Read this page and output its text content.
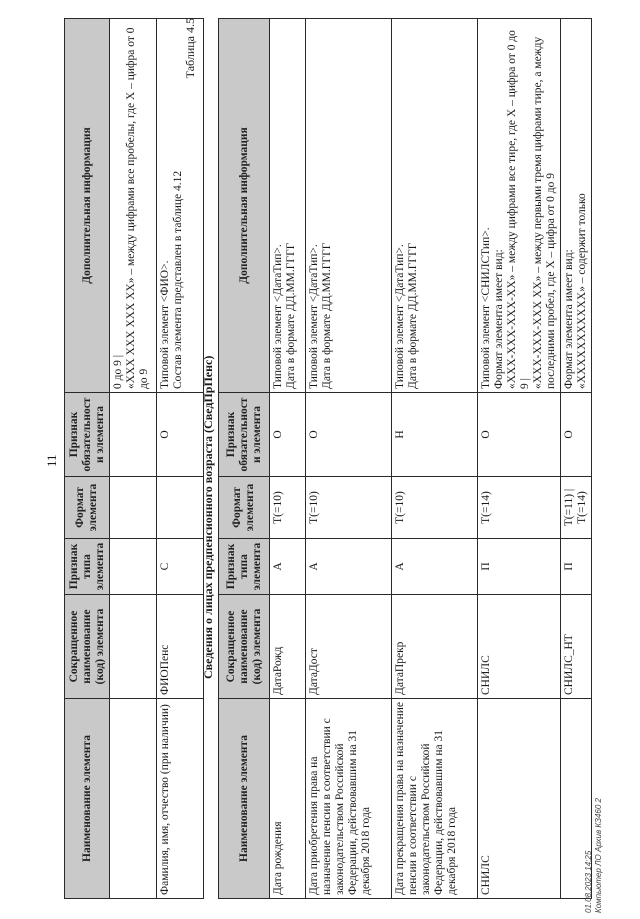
11
Наименование элемента	Сокращенное наименование (код) элемента	Признак типа элемента	Формат элемента	Признак обязательности элемента	Дополнительная информация
					0 до 9 |
«XXX XXX XXX XX» – между цифрами все пробелы, где X – цифра от 0 до 9
Фамилия, имя, отчество (при наличии)	ФИОПенс	С		О	Типовой элемент <ФИО>.
Состав элемента представлен в таблице 4.12
Таблица 4.5
Сведения о лицах предпенсионного возраста (СведПрПенс)
Наименование элемента	Сокращенное наименование (код) элемента	Признак типа элемента	Формат элемента	Признак обязательности элемента	Дополнительная информация
Дата рождения	ДатаРожд	А	T(=10)	О	Типовой элемент <ДатаТип>.
Дата в формате ДД.ММ.ГГГГ
Дата приобретения права на назначение пенсии в соответствии с законодательством Российской Федерации, действовавшим на 31 декабря 2018 года	ДатаДост	А	T(=10)	О	Типовой элемент <ДатаТип>.
Дата в формате ДД.ММ.ГГГГ
Дата прекращения права на назначение пенсии в соответствии с законодательством Российской Федерации, действовавшим на 31 декабря 2018 года	ДатаПрекр	А	T(=10)	Н	Типовой элемент <ДатаТип>.
Дата в формате ДД.ММ.ГГГГ
СНИЛС	СНИЛС	П	T(=14)	О	Типовой элемент <СНИЛСТип>.
Формат элемента имеет вид:
«XXX-XXX-XXX-XX» – между цифрами все тире, где X – цифра от 0 до 9 |
«XXX-XXX-XXX XX» – между первыми тремя цифрами тире, а между последними пробел, где X – цифра от 0 до 9
	СНИЛС_НТ	П	T(=11) | T(=14)	О	Формат элемента имеет вид:
«XXXXXXXXXXX» – содержит только
01.08.2023 14:25 Компьютер ЛО Архив КЗ460 2
